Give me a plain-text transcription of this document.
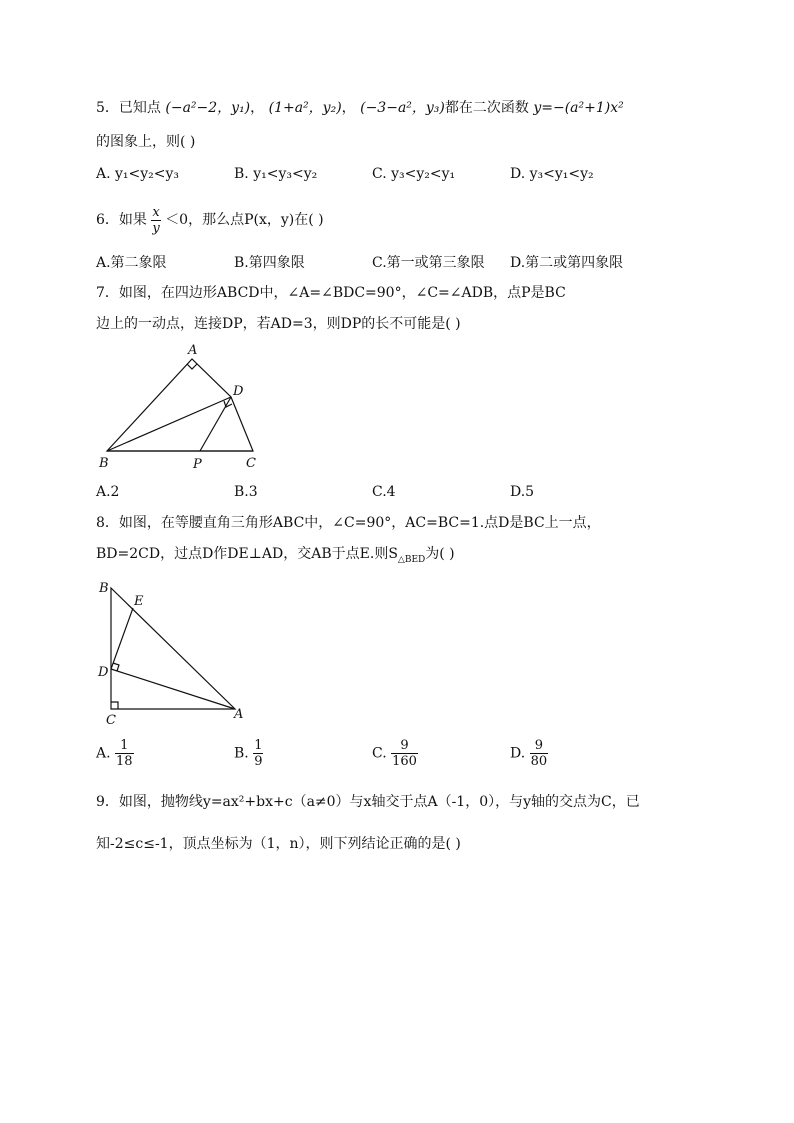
5．已知点 (−a²−2，y₁)， (1+a²，y₂)， (−3−a²，y₃)都在二次函数 y=−(a²+1)x²
的图象上，则( )
A. y₁<y₂<y₃	B. y₁<y₃<y₂	C. y₃<y₂<y₁	D. y₃<y₁<y₂
6．如果 $\frac{x}{y} <0$，那么点P(x，y)在( )
A.第二象限	B.第四象限	C.第一或第三象限 D.第二或第四象限
7．如图，在四边形ABCD中，∠A=∠BDC=90°，∠C=∠ADB，点P是BC
边上的一动点，连接DP，若AD=3，则DP的长不可能是( )
A
B	C
D
P
A.2	B.3	C.4	D.5
8．如图，在等腰直角三角形ABC中，∠C=90°，AC=BC=1.点D是BC上一点，
BD=2CD，过点D作DE⊥AD，交AB于点E.则$S_{\triangle BED}$为( )
B
E
D
C	A
A. $\frac{1}{18}$	B. $\frac{1}{9}$	C. $\frac{9}{160}$	D. $\frac{9}{80}$
9．如图，抛物线y=ax²+bx+c（a≠0）与x轴交于点A（-1，0），与y轴的交点为C，已
知-2≤c≤-1，顶点坐标为（1，n），则下列结论正确的是( )
